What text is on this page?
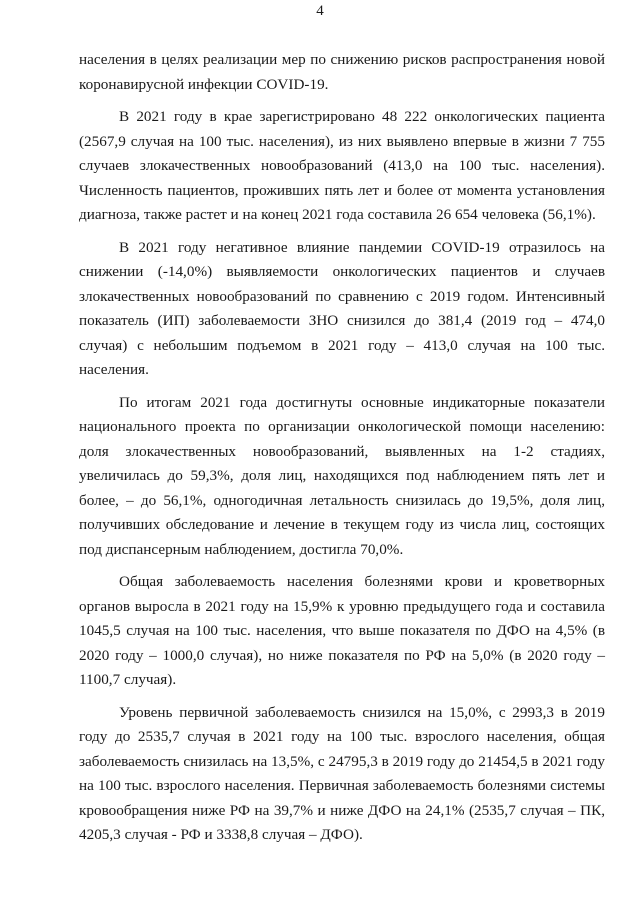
4

населения в целях реализации мер по снижению рисков распространения новой коронавирусной инфекции COVID-19.

В 2021 году в крае зарегистрировано 48 222 онкологических пациента (2567,9 случая на 100 тыс. населения), из них выявлено впервые в жизни 7 755 случаев злокачественных новообразований (413,0 на 100 тыс. населения). Численность пациентов, проживших пять лет и более от момента установления диагноза, также растет и на конец 2021 года составила 26 654 человека (56,1%).

В 2021 году негативное влияние пандемии COVID-19 отразилось на снижении (-14,0%) выявляемости онкологических пациентов и случаев злокачественных новообразований по сравнению с 2019 годом. Интенсивный показатель (ИП) заболеваемости ЗНО снизился до 381,4 (2019 год – 474,0 случая) с небольшим подъемом в 2021 году – 413,0 случая на 100 тыс. населения.

По итогам 2021 года достигнуты основные индикаторные показатели национального проекта по организации онкологической помощи населению: доля злокачественных новообразований, выявленных на 1-2 стадиях, увеличилась до 59,3%, доля лиц, находящихся под наблюдением пять лет и более, – до 56,1%, одногодичная летальность снизилась до 19,5%, доля лиц, получивших обследование и лечение в текущем году из числа лиц, состоящих под диспансерным наблюдением, достигла 70,0%.

Общая заболеваемость населения болезнями крови и кроветворных органов выросла в 2021 году на 15,9% к уровню предыдущего года и составила 1045,5 случая на 100 тыс. населения, что выше показателя по ДФО на 4,5% (в 2020 году – 1000,0 случая), но ниже показателя по РФ на 5,0% (в 2020 году – 1100,7 случая).

Уровень первичной заболеваемость снизился на 15,0%, с 2993,3 в 2019 году до 2535,7 случая в 2021 году на 100 тыс. взрослого населения, общая заболеваемость снизилась на 13,5%, с 24795,3 в 2019 году до 21454,5 в 2021 году на 100 тыс. взрослого населения. Первичная заболеваемость болезнями системы кровообращения ниже РФ на 39,7% и ниже ДФО на 24,1% (2535,7 случая – ПК, 4205,3 случая - РФ и 3338,8 случая – ДФО).
